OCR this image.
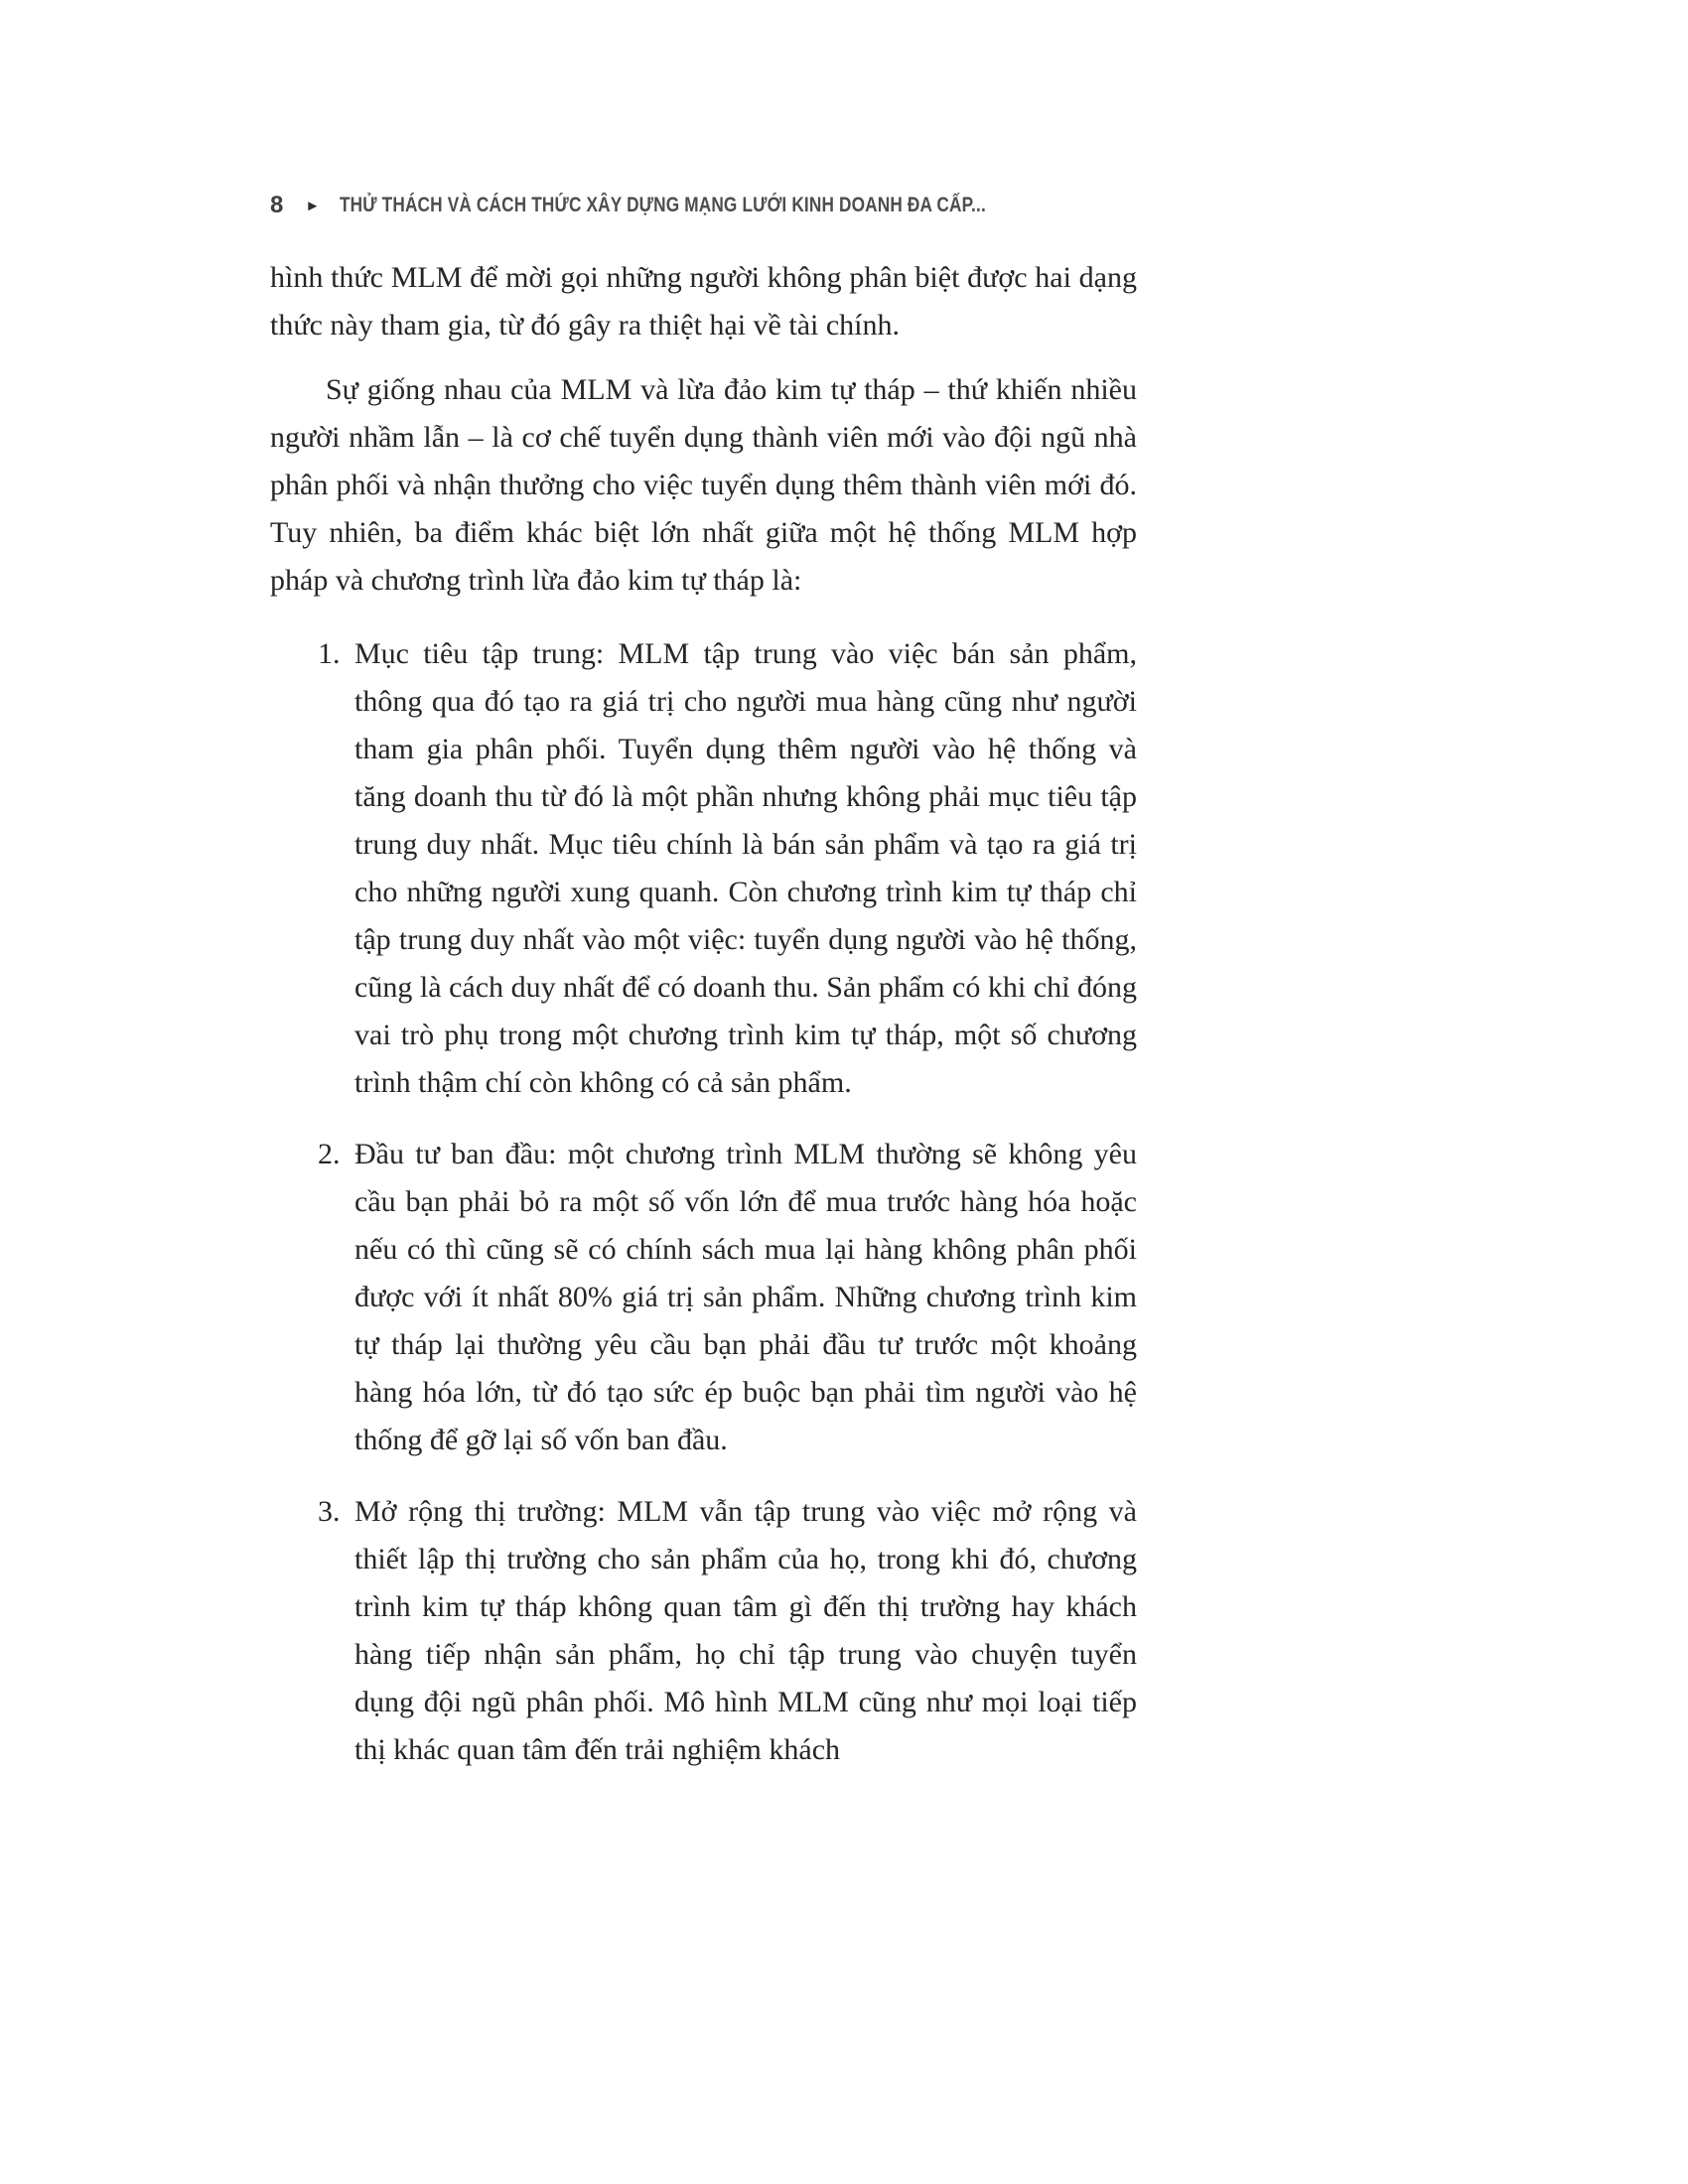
8 ► THỬ THÁCH VÀ CÁCH THỨC XÂY DỰNG MẠNG LƯỚI KINH DOANH ĐA CẤP...

hình thức MLM để mời gọi những người không phân biệt được hai dạng thức này tham gia, từ đó gây ra thiệt hại về tài chính.

Sự giống nhau của MLM và lừa đảo kim tự tháp – thứ khiến nhiều người nhầm lẫn – là cơ chế tuyển dụng thành viên mới vào đội ngũ nhà phân phối và nhận thưởng cho việc tuyển dụng thêm thành viên mới đó. Tuy nhiên, ba điểm khác biệt lớn nhất giữa một hệ thống MLM hợp pháp và chương trình lừa đảo kim tự tháp là:

1. Mục tiêu tập trung: MLM tập trung vào việc bán sản phẩm, thông qua đó tạo ra giá trị cho người mua hàng cũng như người tham gia phân phối. Tuyển dụng thêm người vào hệ thống và tăng doanh thu từ đó là một phần nhưng không phải mục tiêu tập trung duy nhất. Mục tiêu chính là bán sản phẩm và tạo ra giá trị cho những người xung quanh. Còn chương trình kim tự tháp chỉ tập trung duy nhất vào một việc: tuyển dụng người vào hệ thống, cũng là cách duy nhất để có doanh thu. Sản phẩm có khi chỉ đóng vai trò phụ trong một chương trình kim tự tháp, một số chương trình thậm chí còn không có cả sản phẩm.
2. Đầu tư ban đầu: một chương trình MLM thường sẽ không yêu cầu bạn phải bỏ ra một số vốn lớn để mua trước hàng hóa hoặc nếu có thì cũng sẽ có chính sách mua lại hàng không phân phối được với ít nhất 80% giá trị sản phẩm. Những chương trình kim tự tháp lại thường yêu cầu bạn phải đầu tư trước một khoảng hàng hóa lớn, từ đó tạo sức ép buộc bạn phải tìm người vào hệ thống để gỡ lại số vốn ban đầu.
3. Mở rộng thị trường: MLM vẫn tập trung vào việc mở rộng và thiết lập thị trường cho sản phẩm của họ, trong khi đó, chương trình kim tự tháp không quan tâm gì đến thị trường hay khách hàng tiếp nhận sản phẩm, họ chỉ tập trung vào chuyện tuyển dụng đội ngũ phân phối. Mô hình MLM cũng như mọi loại tiếp thị khác quan tâm đến trải nghiệm khách
